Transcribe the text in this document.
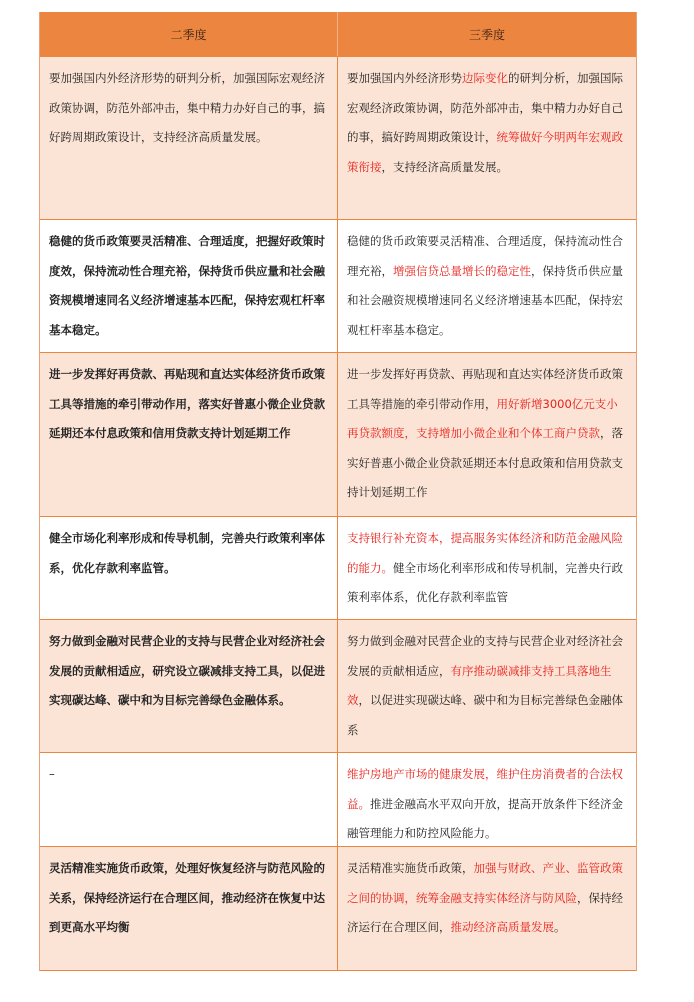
二季度	三季度
要加强国内外经济形势的研判分析，加强国际宏观经济政策协调，防范外部冲击，集中精力办好自己的事，搞好跨周期政策设计，支持经济高质量发展。
要加强国内外经济形势边际变化的研判分析，加强国际宏观经济政策协调，防范外部冲击，集中精力办好自己的事，搞好跨周期政策设计，统筹做好今明两年宏观政策衔接，支持经济高质量发展。
稳健的货币政策要灵活精准、合理适度，把握好政策时度效，保持流动性合理充裕，保持货币供应量和社会融资规模增速同名义经济增速基本匹配，保持宏观杠杆率基本稳定。
稳健的货币政策要灵活精准、合理适度，保持流动性合理充裕，增强信贷总量增长的稳定性，保持货币供应量和社会融资规模增速同名义经济增速基本匹配，保持宏观杠杆率基本稳定。
进一步发挥好再贷款、再贴现和直达实体经济货币政策工具等措施的牵引带动作用，落实好普惠小微企业贷款延期还本付息政策和信用贷款支持计划延期工作
进一步发挥好再贷款、再贴现和直达实体经济货币政策工具等措施的牵引带动作用，用好新增3000亿元支小再贷款额度，支持增加小微企业和个体工商户贷款，落实好普惠小微企业贷款延期还本付息政策和信用贷款支持计划延期工作
健全市场化利率形成和传导机制，完善央行政策利率体系，优化存款利率监管。
支持银行补充资本，提高服务实体经济和防范金融风险的能力。健全市场化利率形成和传导机制，完善央行政策利率体系，优化存款利率监管
努力做到金融对民营企业的支持与民营企业对经济社会发展的贡献相适应，研究设立碳减排支持工具，以促进实现碳达峰、碳中和为目标完善绿色金融体系。
努力做到金融对民营企业的支持与民营企业对经济社会发展的贡献相适应，有序推动碳减排支持工具落地生效，以促进实现碳达峰、碳中和为目标完善绿色金融体系
–	维护房地产市场的健康发展，维护住房消费者的合法权益。推进金融高水平双向开放，提高开放条件下经济金融管理能力和防控风险能力。
灵活精准实施货币政策，处理好恢复经济与防范风险的关系，保持经济运行在合理区间，推动经济在恢复中达到更高水平均衡
灵活精准实施货币政策，加强与财政、产业、监管政策之间的协调，统筹金融支持实体经济与防风险，保持经济运行在合理区间，推动经济高质量发展。
